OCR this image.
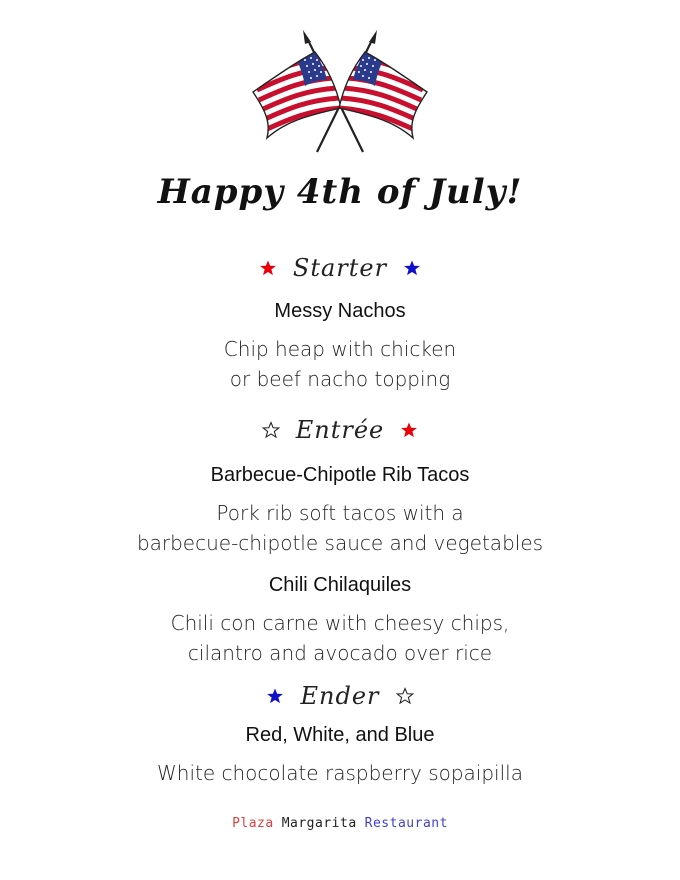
Happy 4th of July!
Starter
Messy Nachos
Chip heap with chicken
or beef nacho topping
Entrée
Barbecue-Chipotle Rib Tacos
Pork rib soft tacos with a
barbecue-chipotle sauce and vegetables
Chili Chilaquiles
Chili con carne with cheesy chips,
cilantro and avocado over rice
Ender
Red, White, and Blue
White chocolate raspberry sopaipilla
Plaza Margarita Restaurant
